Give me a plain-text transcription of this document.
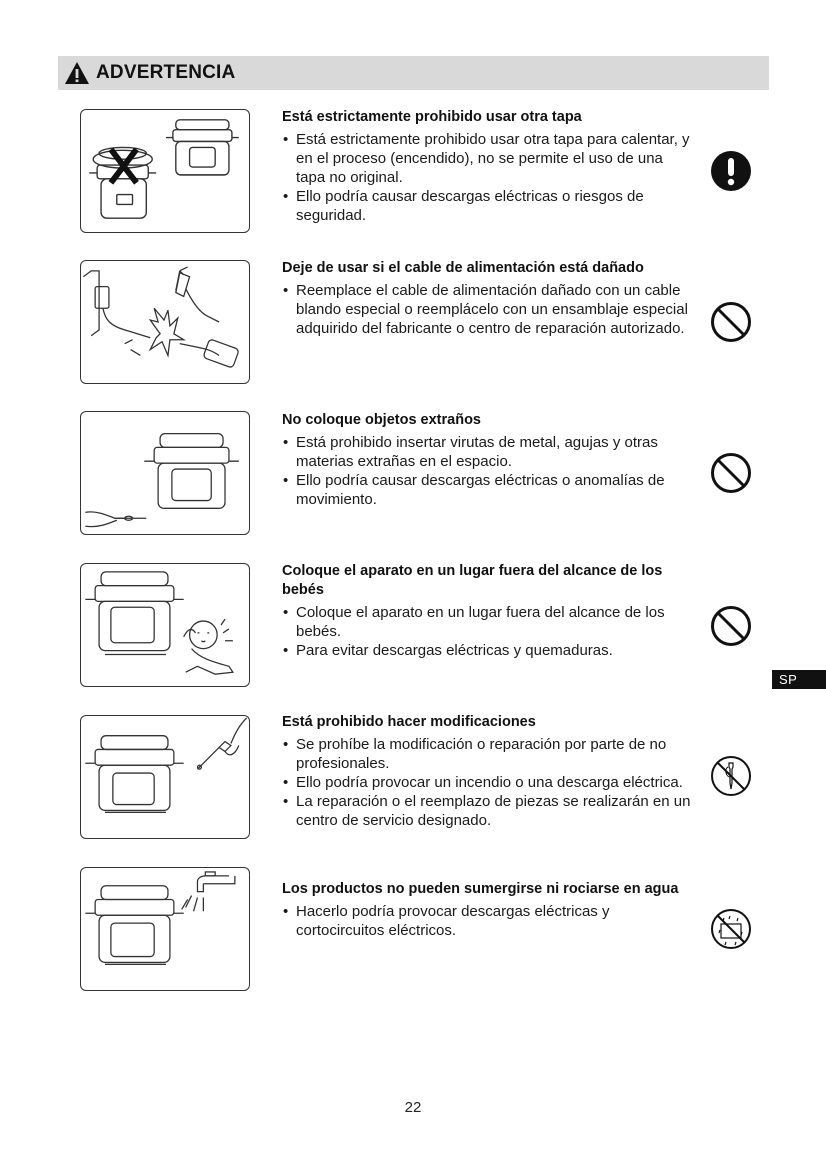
ADVERTENCIA
Está estrictamente prohibido usar otra tapa
• Está estrictamente prohibido usar otra tapa para calentar, y en el proceso (encendido), no se permite el uso de una tapa no original.
• Ello podría causar descargas eléctricas o riesgos de seguridad.
Deje de usar si el cable de alimentación está dañado
• Reemplace el cable de alimentación dañado con un cable blando especial o reemplácelo con un ensamblaje especial adquirido del fabricante o centro de reparación autorizado.
No coloque objetos extraños
• Está prohibido insertar virutas de metal, agujas y otras materias extrañas en el espacio.
• Ello podría causar descargas eléctricas o anomalías de movimiento.
Coloque el aparato en un lugar fuera del alcance de los bebés
• Coloque el aparato en un lugar fuera del alcance de los bebés.
• Para evitar descargas eléctricas y quemaduras.
SP
Está prohibido hacer modificaciones
• Se prohíbe la modificación o reparación por parte de no profesionales.
• Ello podría provocar un incendio o una descarga eléctrica.
• La reparación o el reemplazo de piezas se realizarán en un centro de servicio designado.
Los productos no pueden sumergirse ni rociarse en agua
• Hacerlo podría provocar descargas eléctricas y cortocircuitos eléctricos.
22
